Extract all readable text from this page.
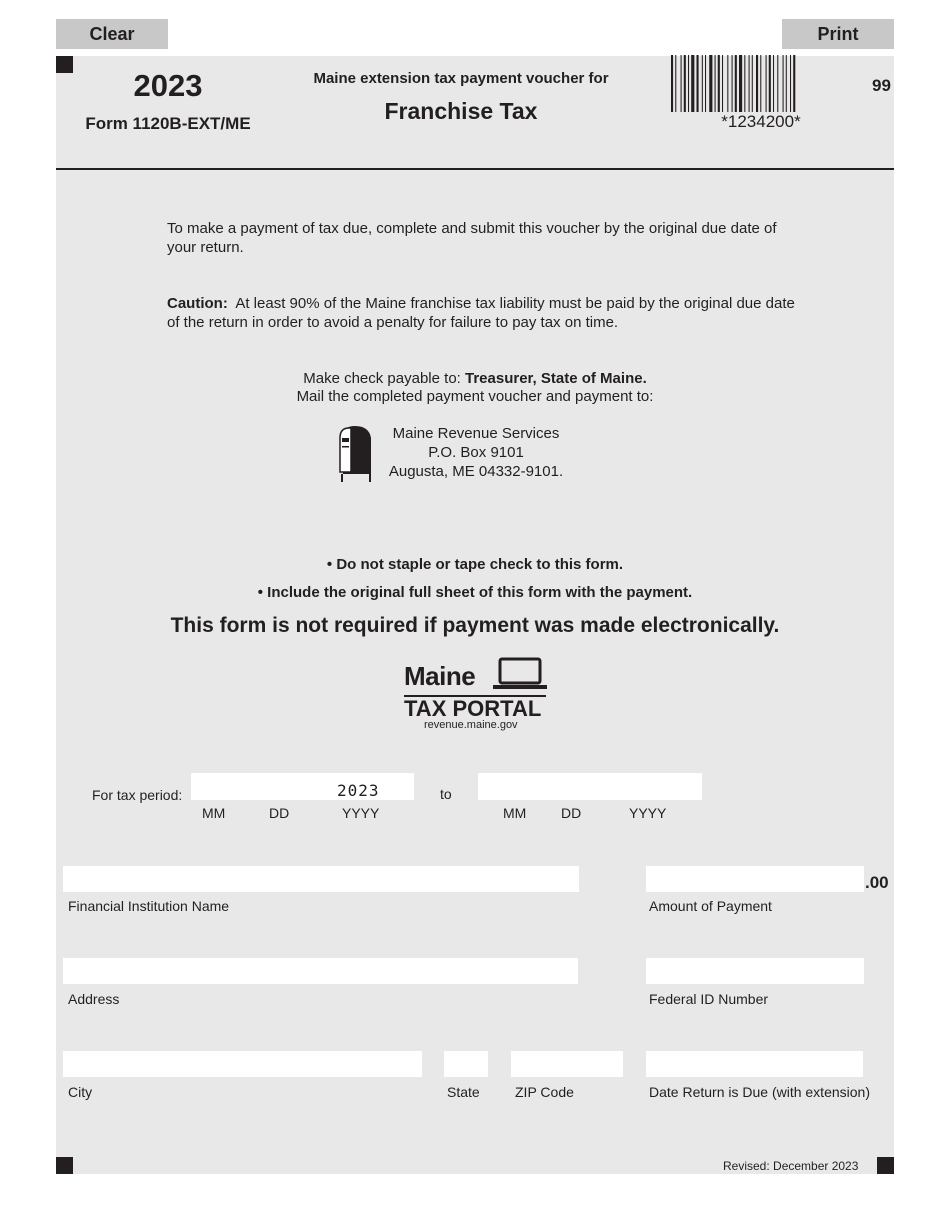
Clear	Print
2023
Form 1120B-EXT/ME
Maine extension tax payment voucher for
Franchise Tax	*1234200*
99
To make a payment of tax due, complete and submit this voucher by the original due date of your return.
Caution: At least 90% of the Maine franchise tax liability must be paid by the original due date of the return in order to avoid a penalty for failure to pay tax on time.
Make check payable to: Treasurer, State of Maine.
Mail the completed payment voucher and payment to:
Maine Revenue Services
P.O. Box 9101
Augusta, ME 04332-9101.
• Do not staple or tape check to this form.
• Include the original full sheet of this form with the payment.
This form is not required if payment was made electronically.
Maine
TAX PORTAL
revenue.maine.gov
For tax period:	2023	to
MM	DD	YYYY	MM DD	YYYY
Financial Institution Name
.00
Amount of Payment
Address	Federal ID Number
City	State	ZIP Code	Date Return is Due (with extension)
Revised: December 2023
